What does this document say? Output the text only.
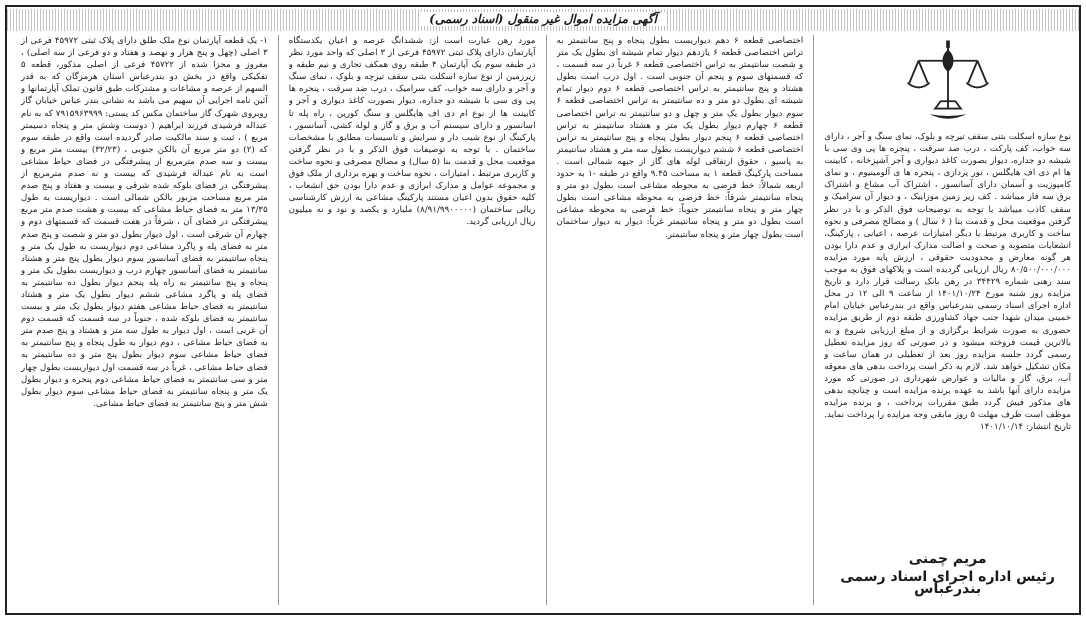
آگهی مزایده اموال غیر منقول (اسناد رسمی)

۱- یک قطعه آپارتمان نوع ملک طلق دارای پلاک ثبتی ۴۵۹۷۲ فرعی از ۳ اصلی (چهل و پنج هزار و نهصد و هفتاد و دو فرعی از سه اصلی) ، مفروز و مجزا شده از ۴۵۷۲۲ فرعی از اصلی مذکور، قطعه ۵ تفکیکی واقع در بخش دو بندرعباس استان هرمزگان که به قدر السهم از عرصه و مشاعات و مشترکات طبق قانون تملک آپارتمانها و آئین نامه اجرایی آن سهیم می باشد به نشانی بندر عباس خیابان گاز روبروی شهرک گاز ساختمان مکس کد پستی: ۷۹۱۵۹۶۳۹۹۹ که به نام عبداله فرشیدی فرزند ابراهیم ( دوست وشش متر و پنجاه دسیمتر مربع ) ، ثبت و سند مالکیت صادر گردیده است واقع در طبقه سوم که (۲) دو متر مربع آن بالکن جنوبی ، (۳۲/۲۳) بیست متر مربع و بیست و سه صدم مترمربع از پیشرفتگی در فضای حیاط مشاعی است به نام عبداله فرشیدی که بیست و نه صدم مترمربع از پیشرفتگی در فضای بلوکه شده شرقی و بیست و هفتاد و پنج صدم متر مربع مساحت مزبور بالکن شمالی است . دیواریست به طول ۱۳/۳۵ متر به فضای حیاط مشاعی که بیست و هشت صدم متر مربع پیشرفتگی در فضای آن ، شرقاً در هفت قسمت که قسمتهای دوم و چهارم آن شرقی است ، اول دیوار بطول دو متر و شصت و پنج صدم متر به فضای پله و پاگرد مشاعی دوم دیواریست به طول یک متر و پنجاه سانتیمتر به فضای آسانسور سوم دیوار بطول پنج متر و هشتاد سانتیمتر به فضای آسانسور چهارم درب و دیواریست بطول یک متر و پنجاه و پنج سانتیمتر به راه پله پنجم دیوار بطول ده سانتیمتر به فضای پله و پاگرد مشاعی ششم دیوار بطول یک متر و هشتاد سانتیمتر به فضای حیاط مشاعی هفتم دیوار بطول یک متر و بیست سانتیمتر به فضای بلوکه شده ، جنوباً در سه قسمت که قسمت دوم آن غربی است ، اول دیوار به طول سه متر و هشتاد و پنج صدم متر به فضای حیاط مشاعی ، دوم دیوار به طول پنجاه و پنج سانتیمتر به فضای حیاط مشاعی سوم دیوار بطول پنج متر و ده سانتیمتر به فضای حیاط مشاعی ، غرباً در سه قسمت اول دیواریست بطول چهار متر و سی سانتیمتر به فضای حیاط مشاعی دوم پنجره و دیوار بطول یک متر و پنجاه سانتیمتر به فضای حیاط مشاعی سوم دیوار بطول شش متر و پنج سانتیمتر به فضای حیاط مشاعی.

مورد رهن عبارت است از: ششدانگ عرصه و اعیان یکدستگاه آپارتمان دارای پلاک ثبتی ۴۵۹۷۲ فرعی از ۳ اصلی که واحد مورد نظر در طبقه سوم یک آپارتمان ۴ طبقه روی همکف تجاری و نیم طبقه و زیرزمین از نوع سازه اسکلت بتنی سقف تیرچه و بلوک ، نمای سنگ و آجر و دارای سه خواب، کف سرامیک ، درب ضد سرقت ، پنجره ها پی وی سی با شیشه دو جداره، دیوار بصورت کاغذ دیواری و آجر و کابینت ها از نوع ام دی اف هایگلس و سنگ کورین ، راه پله تا اسانسور و دارای سیستم آب و برق و گاز و لوله کشی، آسانسور ، پارکینگ از نوع شیب دار و سرایش و تاسیسات مطابق با مشخصات ساختمان . با توجه به توصیفات فوق الذکر و با در نظر گرفتن موقعیت محل و قدمت بنا (۵ سال) و مصالح مصرفی و نحوه ساخت و کاربری مرتبط ، امتیازات ، نحوه ساخت و بهره برداری از ملک فوق و مجموعه عوامل و مدارک ابرازی و عدم دارا بودن حق انشعاب ، کلیه حقوق بدون اعیان مستند پارکینگ مشاعی به ارزش کارشناسی ریالی ساختمان (۸/۹۱/۹۹۰۰۰۰۰) ملیارد و یکصد و نود و نه میلیون ریال ارزیابی گردید.

اختصاصی قطعه ۶ دهم دیواریست بطول پنجاه و پنج سانتیمتر به تراس اختصاصی قطعه ۶ یازدهم دیوار تمام شیشه ای بطول یک متر و شصت سانتیمتر به تراس اختصاصی قطعه ۶ غرباً در سه قسمت ، که قسمتهای سوم و پنجم آن جنوبی است . اول درب است بطول هشتاد و پنج سانتیمتر به تراس اختصاصی قطعه ۶ دوم دیوار تمام شیشه ای بطول دو متر و ده سانتیمتر به تراس اختصاصی قطعه ۶ سوم دیوار بطول یک متر و چهل و دو سانتیمتر به تراس اختصاصی قطعه ۶ چهارم دیوار بطول یک متر و هشتاد سانتیمتر به تراس اختصاصی قطعه ۶ پنجم دیوار بطول پنجاه و پنج سانتیمتر به تراس اختصاصی قطعه ۶ ششم دیواریست بطول سه متر و هشتاد سانتیمتر به پاسیو ، حقوق ارتفاقی لوله های گاز از جبهه شمالی است . مساحت پارکینگ قطعه ۱ به مساحت ۹.۴۵ واقع در طبقه -۱ به حدود اربعه شمالاً: خط فرضی به محوطه مشاعی است بطول دو متر و پنجاه سانتیمتر شرقاً: خط فرضی به محوطه مشاعی است بطول چهار متر و پنجاه سانتیمتر جنوباً: خط فرضی به محوطه مشاعی است بطول دو متر و پنجاه سانتیمتر غرباً: دیوار به دیوار ساختمان است بطول چهار متر و پنجاه سانتیمتر.

نوع سازه اسکلت بتنی سقف تیرچه و بلوک، نمای سنگ و آجر ، دارای سه خواب، کف پارکت ، درب ضد سرقت ، پنجره ها پی وی سی با شیشه دو جداره، دیوار بصورت کاغذ دیواری و آجر آشپزخانه ، کابینت ها ام دی اف هایگلس ، نور پردازی ، پنجره ها ی آلومینیوم ، و نمای کامپوزیت و آسمان دارای آسانسور ، اشتراک آب مشاع و اشتراک برق سه فاز میباشد . کف زیر زمین موزاییک ، و دیوار آن سرامیک و سقف کاذب میباشد با توجه به توضیحات فوق الذکر و با در نظر گرفتن موقعیت محل و قدمت بنا ( ۶ سال ) و مصالح مصرفی و نحوه ساخت و کاربری مرتبط با دیگر امتیازات عرصه ، اعیانی ، پارکینگ، انشعابات متصوبه و صحت و اصالت مدارک ابرازی و عدم دارا بودن هر گونه معارض و محدودیت حقوقی ، ارزش پایه مورد مزایده ۸۰/۵۰۰/۰۰۰/۰۰۰ ریال ارزیابی گردیده است و پلاکهای فوق به موجب سند رهنی شماره ۳۴۴۲۹ در رهن بانک رسالت قرار دارد و تاریخ مزایده روز شنبه مورخ ۱۴۰۱/۱۰/۲۴ از ساعت ۹ الی ۱۲ در محل اداره اجرای اسناد رسمی بندرعباس واقع در بندرعباس خیابان امام خمینی میدان شهدا جنب جهاد کشاورزی طبقه دوم از طریق مزایده حضوری به صورت شرایط برگزاری و از مبلغ ارزیابی شروع و به بالاترین قیمت فروخته میشود و در صورتی که روز مزایده تعطیل رسمی گردد جلسه مزایده روز بعد از تعطیلی در همان ساعت و مکان تشکیل خواهد شد. لازم به ذکر است پرداخت بدهی های معوقه آب، برق، گاز و مالیات و عوارض شهرداری در صورتی که مورد مزایده دارای آنها باشد به عهده برنده مزایده است و چنانچه بدهی های مذکور فیش گردد طبق مقررات پرداخت ، و برنده مزایده موظف است ظرف مهلت ۵ روز مابقی وجه مزایده را پرداخت نماید. تاریخ انتشار: ۱۴۰۱/۱۰/۱۴

مریم چمنی
رئیس اداره اجرای اسناد رسمی بندرعباس
